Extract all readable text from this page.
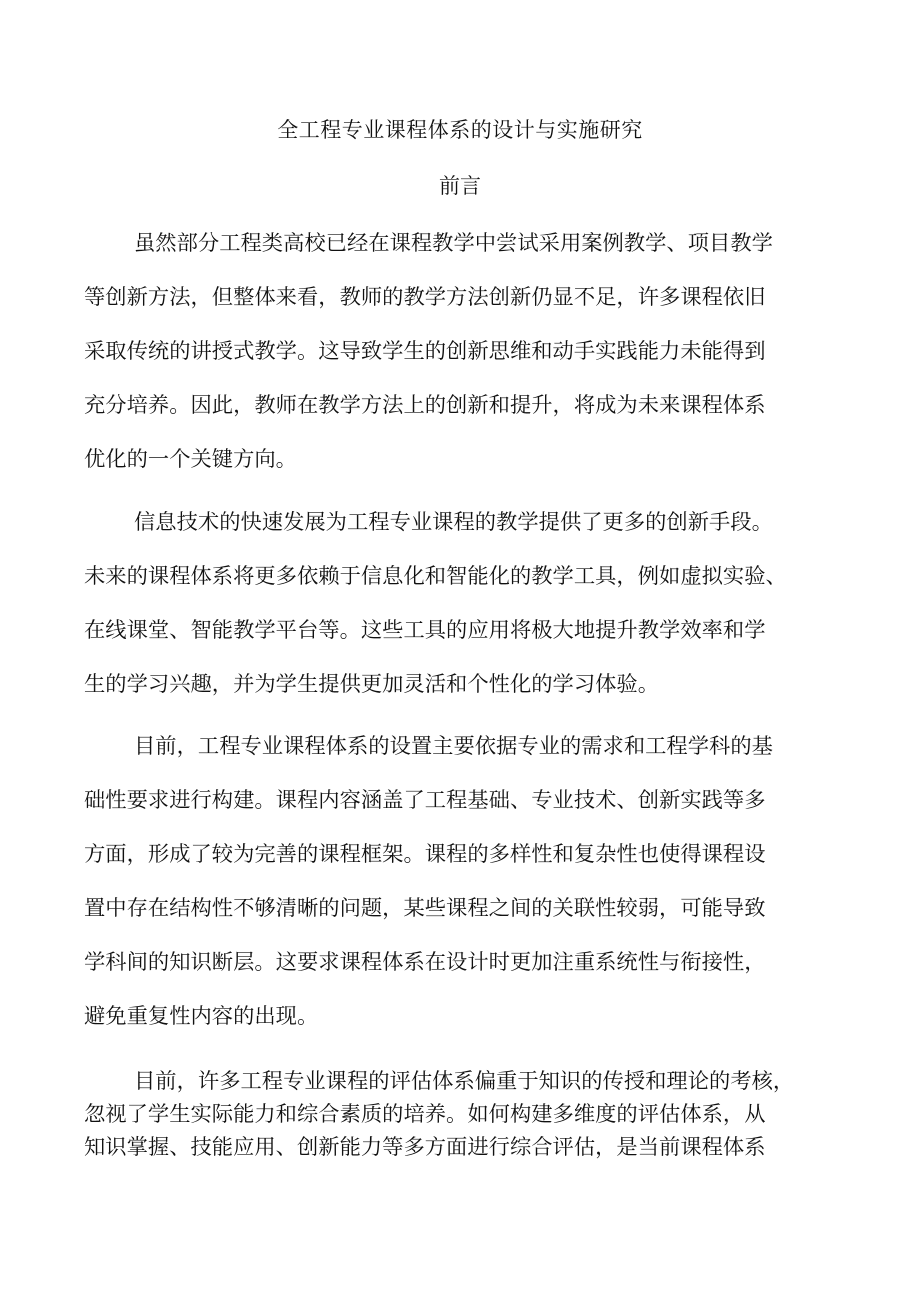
全工程专业课程体系的设计与实施研究
前言
虽然部分工程类高校已经在课程教学中尝试采用案例教学、项目教学
等创新方法，但整体来看，教师的教学方法创新仍显不足，许多课程依旧
采取传统的讲授式教学。这导致学生的创新思维和动手实践能力未能得到
充分培养。因此，教师在教学方法上的创新和提升，将成为未来课程体系
优化的一个关键方向。
信息技术的快速发展为工程专业课程的教学提供了更多的创新手段。
未来的课程体系将更多依赖于信息化和智能化的教学工具，例如虚拟实验、
在线课堂、智能教学平台等。这些工具的应用将极大地提升教学效率和学
生的学习兴趣，并为学生提供更加灵活和个性化的学习体验。
目前，工程专业课程体系的设置主要依据专业的需求和工程学科的基
础性要求进行构建。课程内容涵盖了工程基础、专业技术、创新实践等多
方面，形成了较为完善的课程框架。课程的多样性和复杂性也使得课程设
置中存在结构性不够清晰的问题，某些课程之间的关联性较弱，可能导致
学科间的知识断层。这要求课程体系在设计时更加注重系统性与衔接性，
避免重复性内容的出现。
目前，许多工程专业课程的评估体系偏重于知识的传授和理论的考核，
忽视了学生实际能力和综合素质的培养。如何构建多维度的评估体系，从
知识掌握、技能应用、创新能力等多方面进行综合评估，是当前课程体系
